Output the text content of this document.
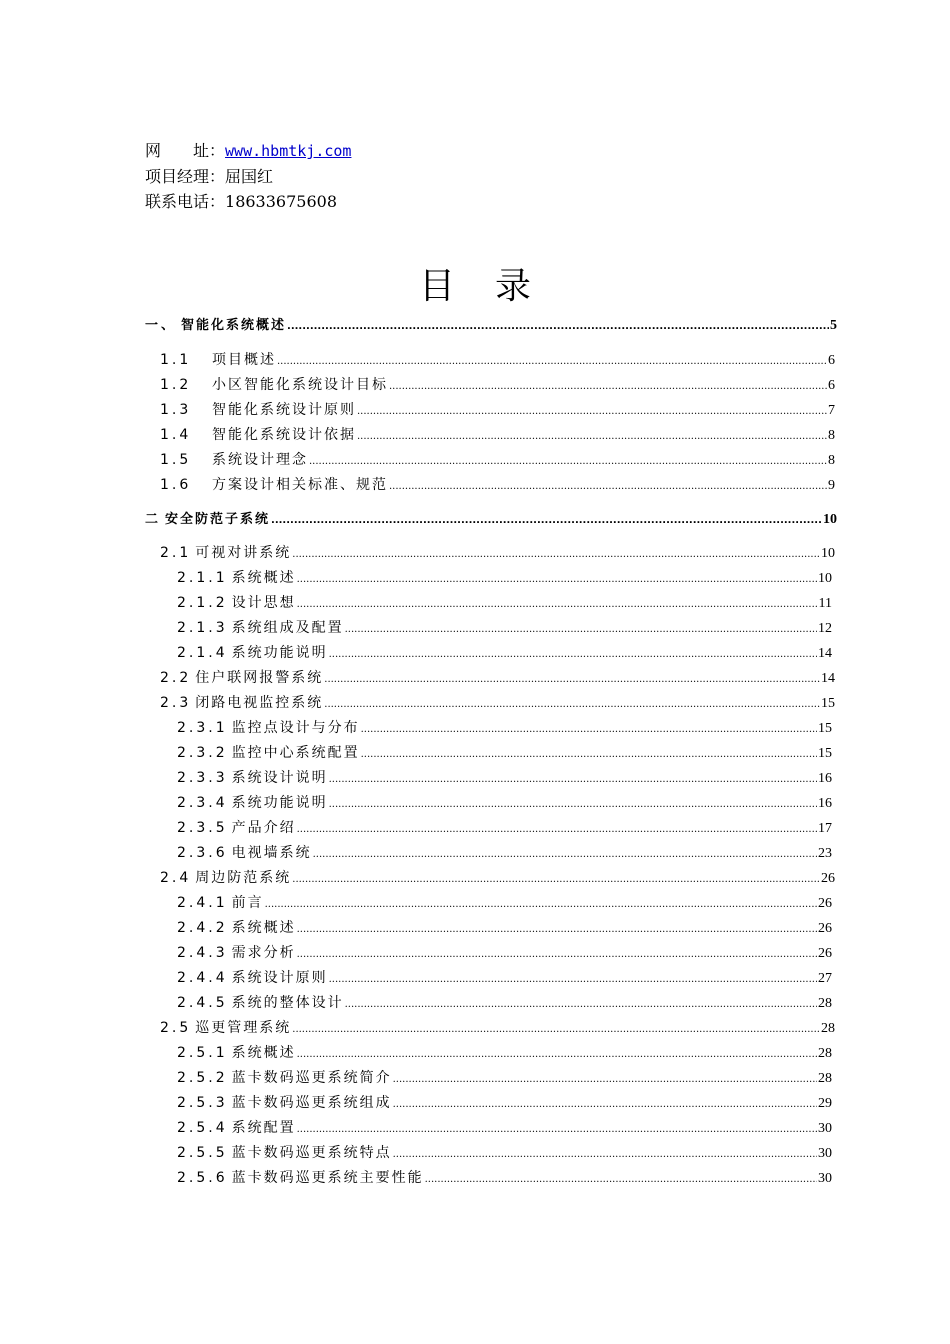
网　　址：www.hbmtkj.com
项目经理：屈国红
联系电话：18633675608
目录
一、 智能化系统概述 .....	5
1.1	项目概述 .....	6
1.2	小区智能化系统设计目标 .....	6
1.3	智能化系统设计原则 .....	7
1.4	智能化系统设计依据 .....	8
1.5	系统设计理念 .....	8
1.6	方案设计相关标准、规范 .....	9
二 安全防范子系统 .....	10
2.1 可视对讲系统 .....	10
2.1.1 系统概述 .....	10
2.1.2 设计思想 .....	11
2.1.3 系统组成及配置 .....	12
2.1.4 系统功能说明 .....	14
2.2 住户联网报警系统 .....	14
2.3 闭路电视监控系统 .....	15
2.3.1 监控点设计与分布 .....	15
2.3.2 监控中心系统配置 .....	15
2.3.3 系统设计说明 .....	16
2.3.4 系统功能说明 .....	16
2.3.5 产品介绍 .....	17
2.3.6 电视墙系统 .....	23
2.4 周边防范系统 .....	26
2.4.1 前言 .....	26
2.4.2 系统概述 .....	26
2.4.3 需求分析 .....	26
2.4.4 系统设计原则 .....	27
2.4.5 系统的整体设计 .....	28
2.5 巡更管理系统 .....	28
2.5.1 系统概述 .....	28
2.5.2 蓝卡数码巡更系统简介 .....	28
2.5.3 蓝卡数码巡更系统组成 .....	29
2.5.4 系统配置 .....	30
2.5.5 蓝卡数码巡更系统特点 .....	30
2.5.6 蓝卡数码巡更系统主要性能 .....	30
